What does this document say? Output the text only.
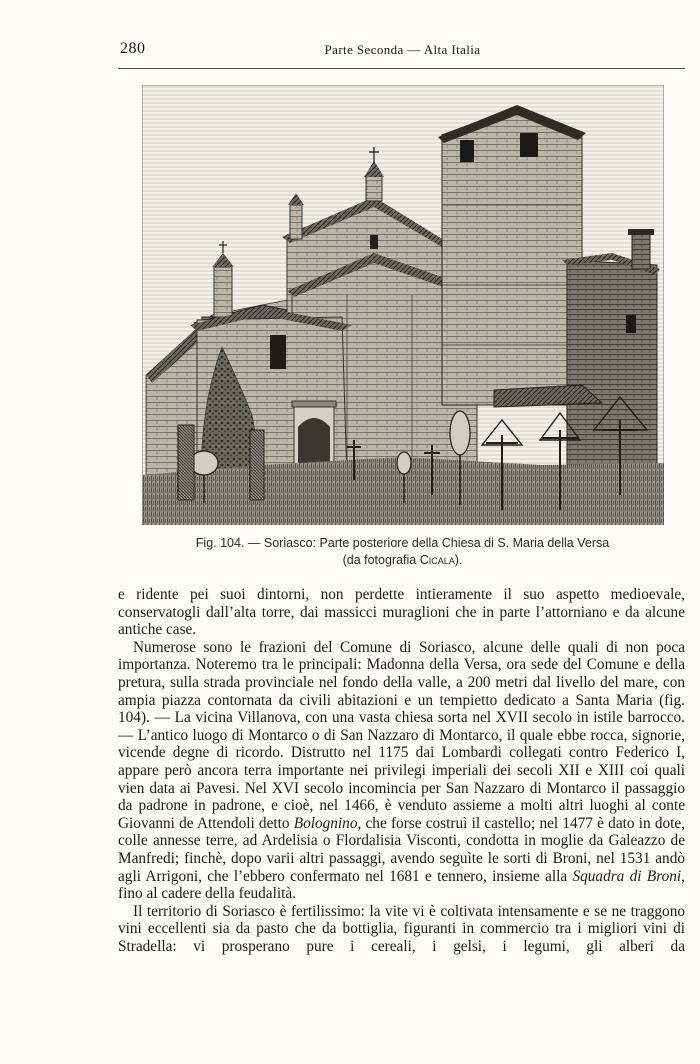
280	Parte Seconda — Alta Italia
Fig. 104. — Soriasco: Parte posteriore della Chiesa di S. Maria della Versa
(da fotografia Cicala).

e ridente pei suoi dintorni, non perdette intieramente il suo aspetto medioevale, conservatogli dall’alta torre, dai massicci muraglioni che in parte l’attorniano e da alcune antiche case.

Numerose sono le frazioni del Comune di Soriasco, alcune delle quali di non poca importanza. Noteremo tra le principali: Madonna della Versa, ora sede del Comune e della pretura, sulla strada provinciale nel fondo della valle, a 200 metri dal livello del mare, con ampia piazza contornata da civili abitazioni e un tempietto dedicato a Santa Maria (fig. 104). — La vicina Villanova, con una vasta chiesa sorta nel XVII secolo in istile barrocco. — L’antico luogo di Montarco o di San Nazzaro di Montarco, il quale ebbe rocca, signorie, vicende degne di ricordo. Distrutto nel 1175 dai Lombardi collegati contro Federico I, appare però ancora terra importante nei privilegi imperiali dei secoli XII e XIII coi quali vien data ai Pavesi. Nel XVI secolo incomincia per San Nazzaro di Montarco il passaggio da padrone in padrone, e cioè, nel 1466, è venduto assieme a molti altri luoghi al conte Giovanni de Attendoli detto Bolognino, che forse costruì il castello; nel 1477 è dato in dote, colle annesse terre, ad Ardelisia o Flordalisia Visconti, condotta in moglie da Galeazzo de Manfredi; finchè, dopo varii altri passaggi, avendo seguìte le sorti di Broni, nel 1531 andò agli Arrigoni, che l’ebbero confermato nel 1681 e tennero, insieme alla Squadra di Broni, fino al cadere della feudalità.

Il territorio di Soriasco è fertilissimo: la vite vi è coltivata intensamente e se ne traggono vini eccellenti sia da pasto che da bottiglia, figuranti in commercio tra i migliori vini di Stradella: vi prosperano pure i cereali, i gelsi, i legumi, gli alberi da
